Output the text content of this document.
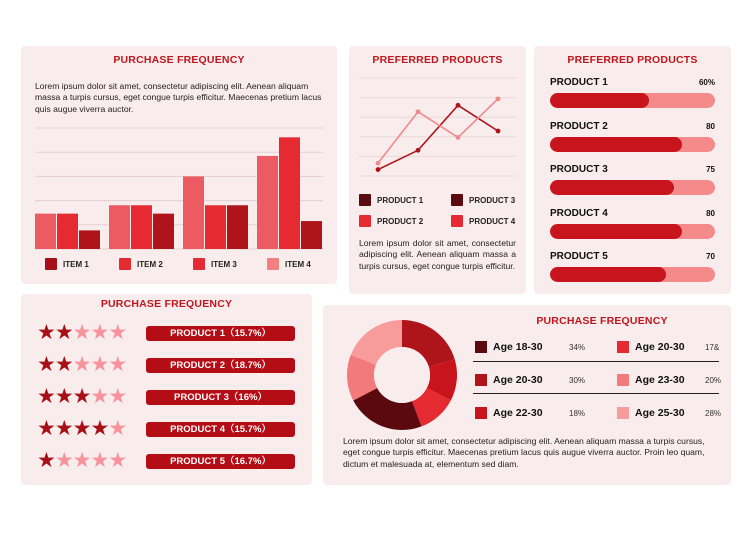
PURCHASE FREQUENCY
Lorem ipsum dolor sit amet, consectetur adipiscing elit. Aenean aliquam massa a turpis cursus, eget congue turpis efficitur. Maecenas pretium lacus quis augue viverra auctor.
ITEM 1	ITEM 2	ITEM 3	ITEM 4
PREFERRED PRODUCTS
PRODUCT 1	PRODUCT 3
PRODUCT 2	PRODUCT 4
Lorem ipsum dolor sit amet, consectetur adipiscing elit. Aenean aliquam massa a turpis cursus, eget congue turpis efficitur.
PREFERRED PRODUCTS
PRODUCT 1	60%
PRODUCT 2	80
PRODUCT 3	75
PRODUCT 4	80
PRODUCT 5	70
PURCHASE FREQUENCY
★★★★★	PRODUCT 1（15.7%）
★★★★★	PRODUCT 2（18.7%）
★★★★★	PRODUCT 3（16%）
★★★★★	PRODUCT 4（15.7%）
★★★★★	PRODUCT 5（16.7%）
PURCHASE FREQUENCY
Age 18-30	34%	Age 20-30	17&
Age 20-30	30%	Age 23-30	20%
Age 22-30	18%	Age 25-30	28%
Lorem ipsum dolor sit amet, consectetur adipiscing elit. Aenean aliquam massa a turpis cursus, eget congue turpis efficitur. Maecenas pretium lacus quis augue viverra auctor. Proin leo quam, dictum et malesuada at, elementum sed diam.
